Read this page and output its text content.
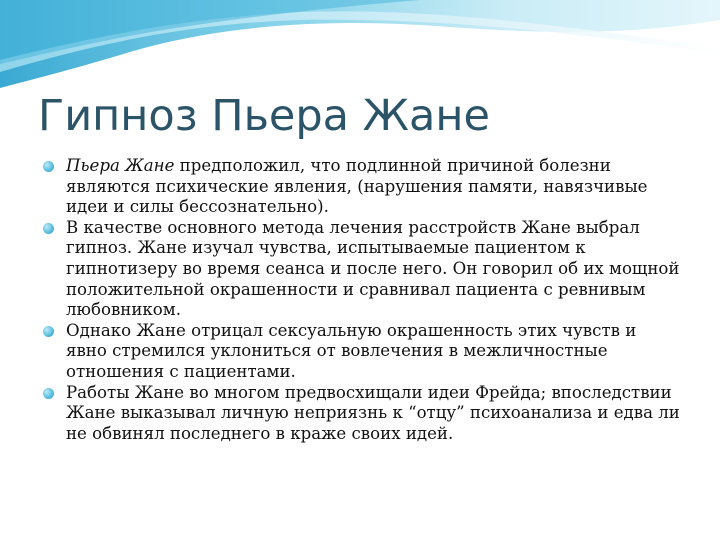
Гипноз Пьера Жане
Пьера Жане предположил, что подлинной причиной болезни являются психические явления, (нарушения памяти, навязчивые идеи и силы бессознательно).
В качестве основного метода лечения расстройств Жане выбрал гипноз. Жане изучал чувства, испытываемые пациентом к гипнотизеру во время сеанса и после него. Он говорил об их мощной положительной окрашенности и сравнивал пациента с ревнивым любовником.
Однако Жане отрицал сексуальную окрашенность этих чувств и явно стремился уклониться от вовлечения в межличностные отношения с пациентами.
Работы Жане во многом предвосхищали идеи Фрейда; впоследствии Жане выказывал личную неприязнь к “отцу” психоанализа и едва ли не обвинял последнего в краже своих идей.
